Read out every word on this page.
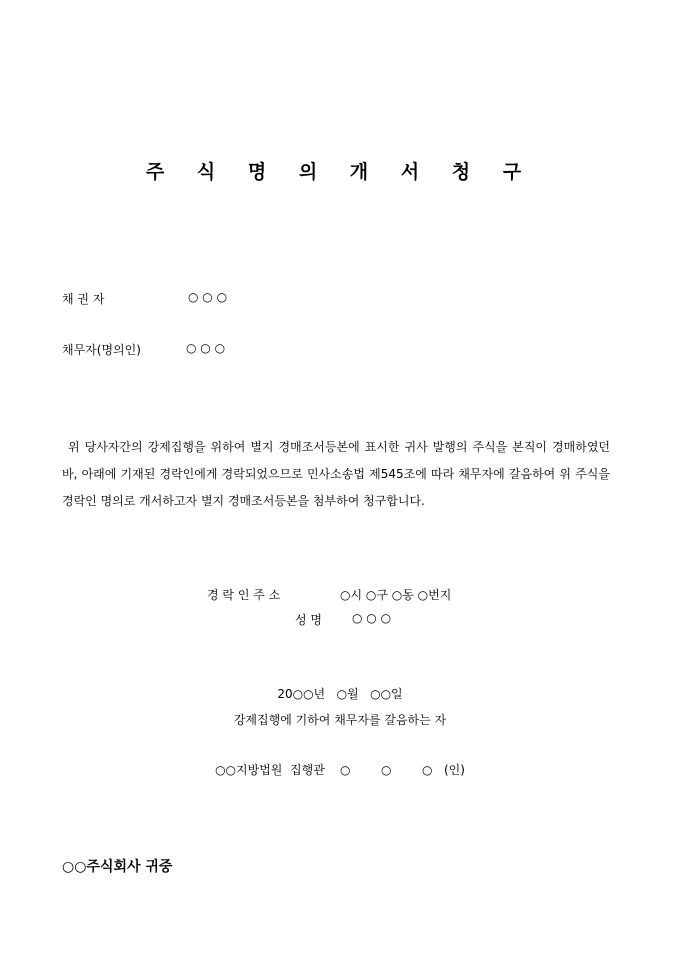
주 식 명 의 개 서 청 구
채 권 자	○ ○ ○
채무자(명의인)	○ ○ ○
위 당사자간의 강제집행을 위하여 별지 경매조서등본에 표시한 귀사 발행의 주식을 본직이 경매하였던 바, 아래에 기재된 경락인에게 경락되었으므로 민사소송법 제545조에 따라 채무자에 갈음하여 위 주식을 경락인 명의로 개서하고자 별지 경매조서등본을 첨부하여 청구합니다.
경 락 인 주 소	○시 ○구 ○동 ○번지
성 명	○ ○ ○
20○○년   ○월   ○○일
강제집행에 기하여 채무자를 갈음하는 자
○○지방법원  집행관    ○        ○        ○   (인)
○○주식회사 귀중
